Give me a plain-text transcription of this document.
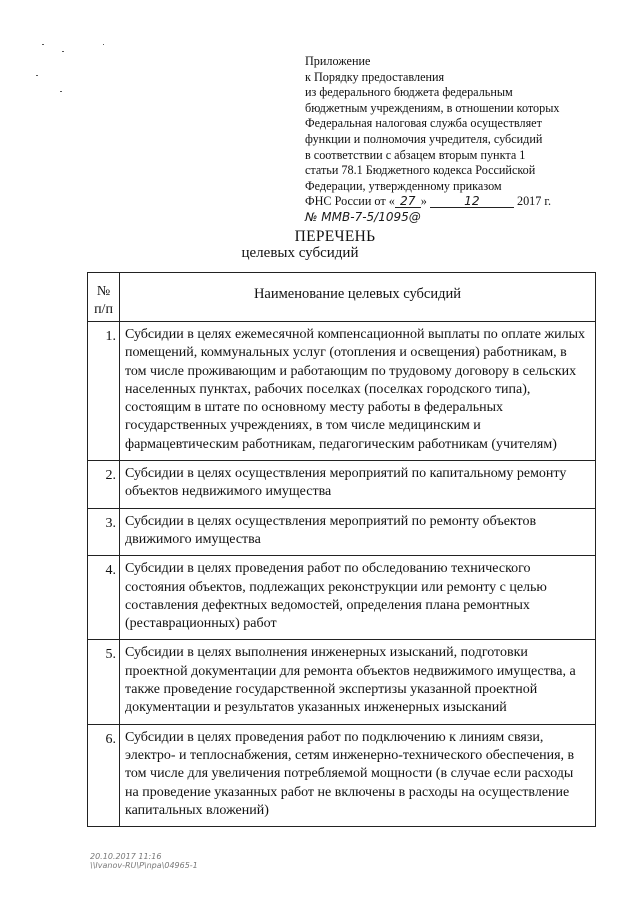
Приложение
к Порядку предоставления
из федерального бюджета федеральным
бюджетным учреждениям, в отношении которых
Федеральная налоговая служба осуществляет
функции и полномочия учредителя, субсидий
в соответствии с абзацем вторым пункта 1
статьи 78.1 Бюджетного кодекса Российской
Федерации, утвержденному приказом
ФНС России от « 27 »	12	2017 г.
№ ММВ-7-5/1095@
ПЕРЕЧЕНЬ
целевых субсидий
№
п/п	Наименование целевых субсидий
1.	Субсидии в целях ежемесячной компенсационной выплаты по оплате жилых помещений, коммунальных услуг (отопления и освещения) работникам, в том числе проживающим и работающим по трудовому договору в сельских населенных пунктах, рабочих поселках (поселках городского типа), состоящим в штате по основному месту работы в федеральных государственных учреждениях, в том числе медицинским и фармацевтическим работникам, педагогическим работникам (учителям)
2.	Субсидии в целях осуществления мероприятий по капитальному ремонту объектов недвижимого имущества
3.	Субсидии в целях осуществления мероприятий по ремонту объектов движимого имущества
4.	Субсидии в целях проведения работ по обследованию технического состояния объектов, подлежащих реконструкции или ремонту с целью составления дефектных ведомостей, определения плана ремонтных (реставрационных) работ
5.	Субсидии в целях выполнения инженерных изысканий, подготовки проектной документации для ремонта объектов недвижимого имущества, а также проведение государственной экспертизы указанной проектной документации и результатов указанных инженерных изысканий
6.	Субсидии в целях проведения работ по подключению к линиям связи, электро- и теплоснабжения, сетям инженерно-технического обеспечения, в том числе для увеличения потребляемой мощности (в случае если расходы на проведение указанных работ не включены в расходы на осуществление капитальных вложений)
20.10.2017 11:16
\\Ivanov-RU\P\npa\04965-1
